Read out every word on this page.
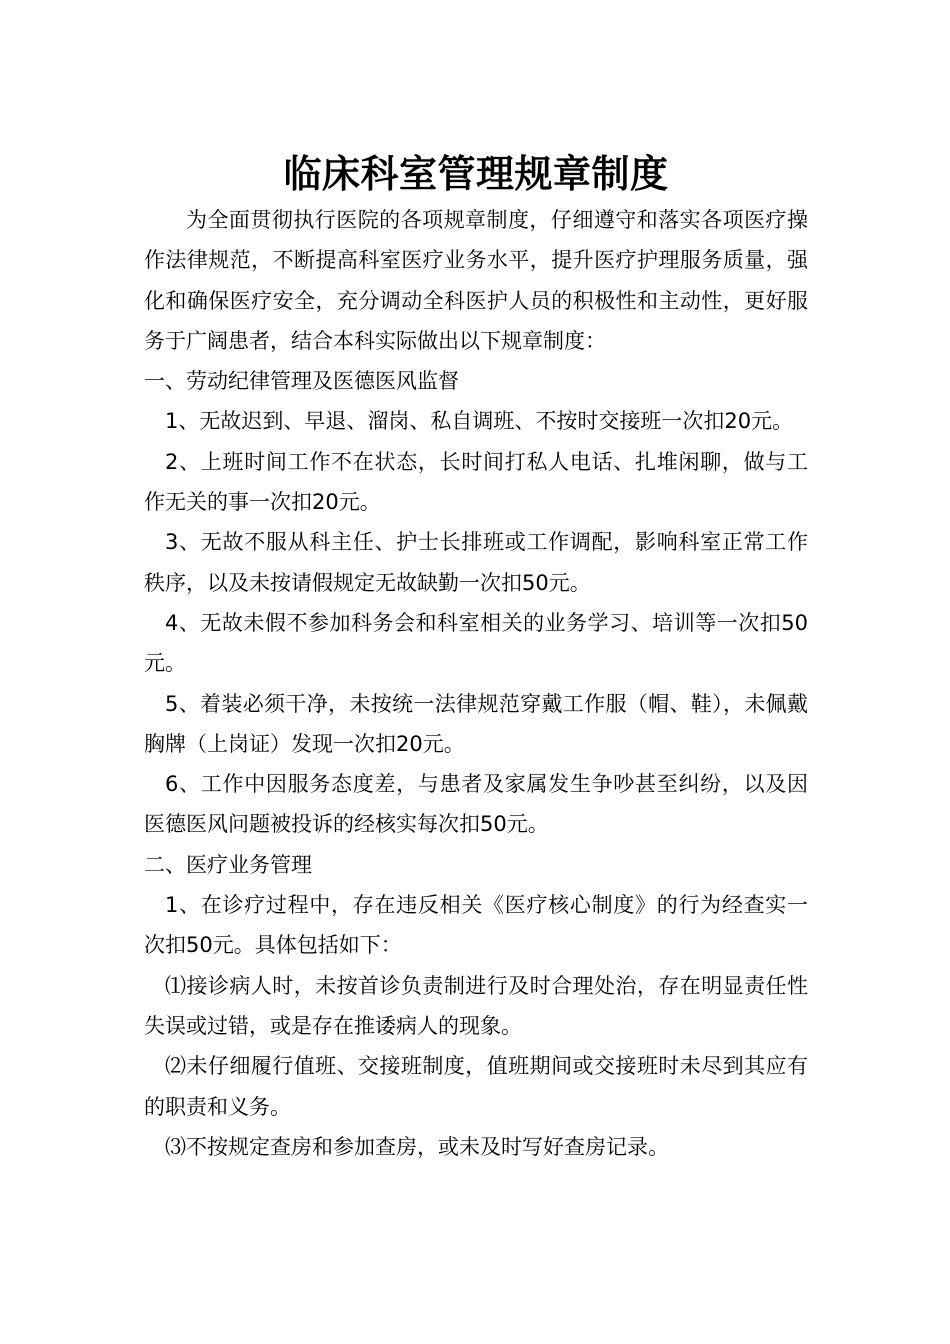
临床科室管理规章制度

为全面贯彻执行医院的各项规章制度，仔细遵守和落实各项医疗操作法律规范，不断提高科室医疗业务水平，提升医疗护理服务质量，强化和确保医疗安全，充分调动全科医护人员的积极性和主动性，更好服务于广阔患者，结合本科实际做出以下规章制度：

一、劳动纪律管理及医德医风监督

1、无故迟到、早退、溜岗、私自调班、不按时交接班一次扣20元。

2、上班时间工作不在状态，长时间打私人电话、扎堆闲聊，做与工作无关的事一次扣20元。

3、无故不服从科主任、护士长排班或工作调配，影响科室正常工作秩序，以及未按请假规定无故缺勤一次扣50元。

4、无故未假不参加科务会和科室相关的业务学习、培训等一次扣50元。

5、着装必须干净，未按统一法律规范穿戴工作服（帽、鞋），未佩戴胸牌（上岗证）发现一次扣20元。

6、工作中因服务态度差，与患者及家属发生争吵甚至纠纷，以及因医德医风问题被投诉的经核实每次扣50元。

二、医疗业务管理

1、在诊疗过程中，存在违反相关《医疗核心制度》的行为经查实一次扣50元。具体包括如下：

⑴接诊病人时，未按首诊负责制进行及时合理处治，存在明显责任性失误或过错，或是存在推诿病人的现象。

⑵未仔细履行值班、交接班制度，值班期间或交接班时未尽到其应有的职责和义务。

⑶不按规定查房和参加查房，或未及时写好查房记录。
